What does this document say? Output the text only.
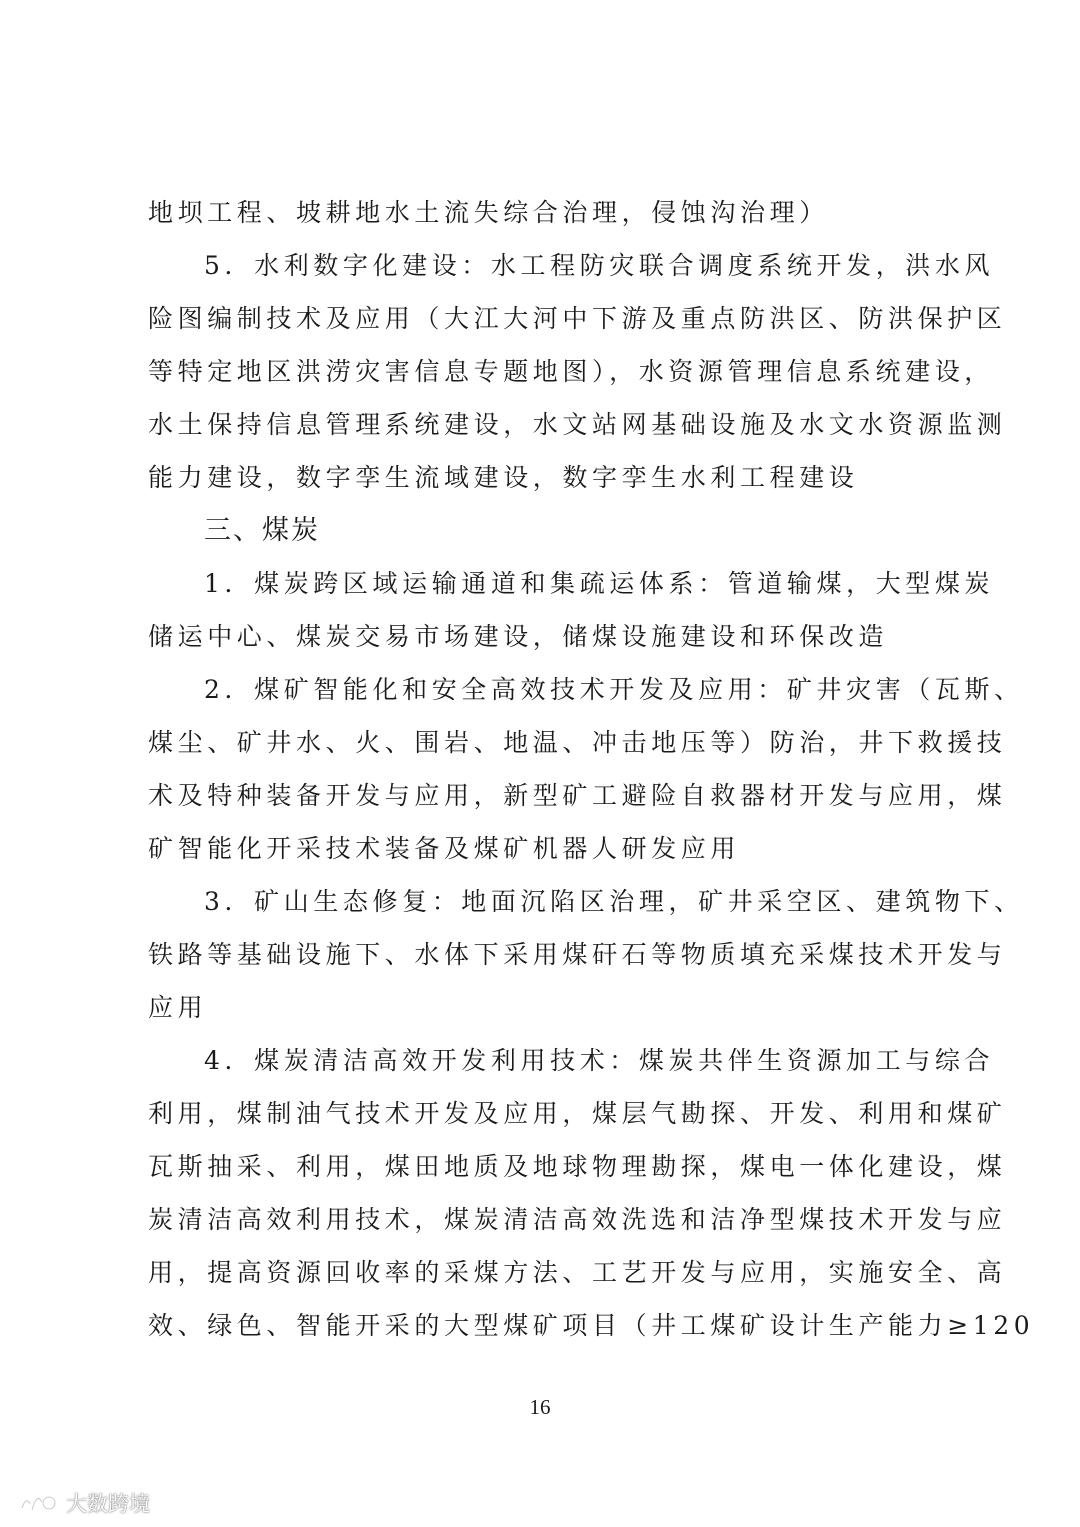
地坝工程、坡耕地水土流失综合治理，侵蚀沟治理）
5．水利数字化建设：水工程防灾联合调度系统开发，洪水风
险图编制技术及应用（大江大河中下游及重点防洪区、防洪保护区
等特定地区洪涝灾害信息专题地图），水资源管理信息系统建设，
水土保持信息管理系统建设，水文站网基础设施及水文水资源监测
能力建设，数字孪生流域建设，数字孪生水利工程建设
三、煤炭
1．煤炭跨区域运输通道和集疏运体系：管道输煤，大型煤炭
储运中心、煤炭交易市场建设，储煤设施建设和环保改造
2．煤矿智能化和安全高效技术开发及应用：矿井灾害（瓦斯、
煤尘、矿井水、火、围岩、地温、冲击地压等）防治，井下救援技
术及特种装备开发与应用，新型矿工避险自救器材开发与应用，煤
矿智能化开采技术装备及煤矿机器人研发应用
3．矿山生态修复：地面沉陷区治理，矿井采空区、建筑物下、
铁路等基础设施下、水体下采用煤矸石等物质填充采煤技术开发与
应用
4．煤炭清洁高效开发利用技术：煤炭共伴生资源加工与综合
利用，煤制油气技术开发及应用，煤层气勘探、开发、利用和煤矿
瓦斯抽采、利用，煤田地质及地球物理勘探，煤电一体化建设，煤
炭清洁高效利用技术，煤炭清洁高效洗选和洁净型煤技术开发与应
用，提高资源回收率的采煤方法、工艺开发与应用，实施安全、高
效、绿色、智能开采的大型煤矿项目（井工煤矿设计生产能力≥120
16
大数跨境
